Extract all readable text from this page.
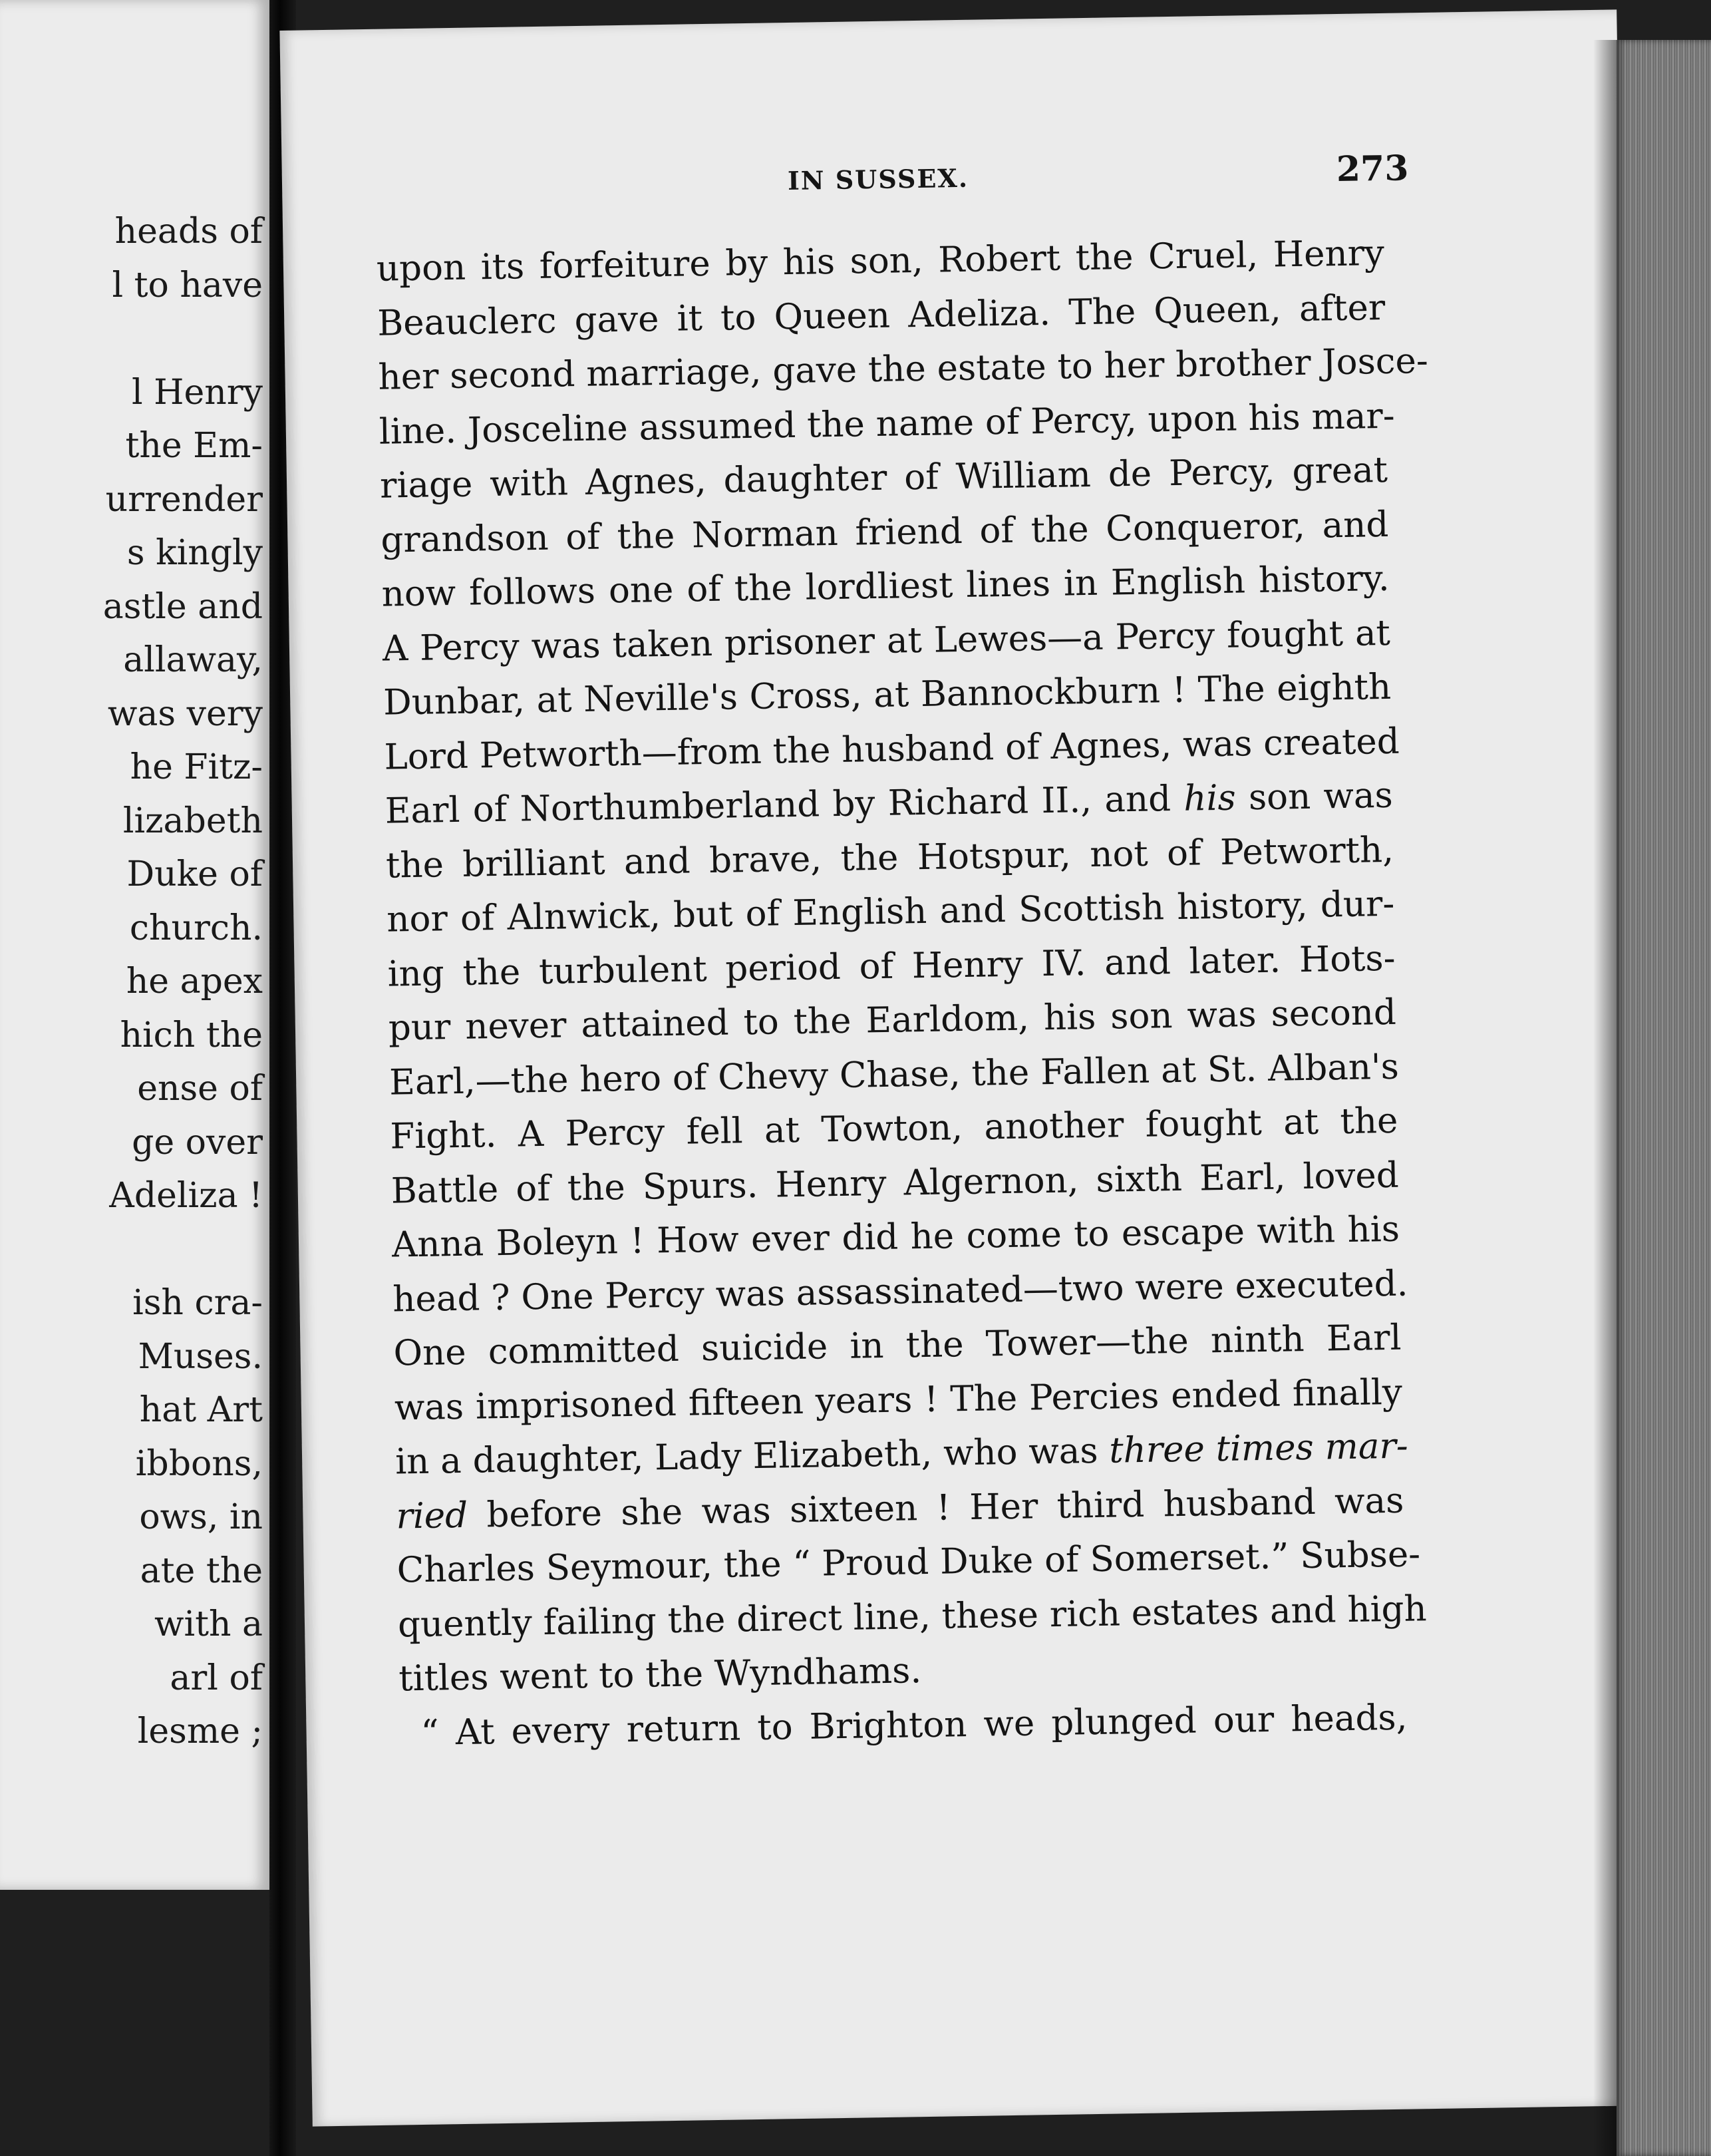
heads of
l to have
l Henry
the Em-
urrender
s kingly
astle and
allaway,
was very
he Fitz-
lizabeth
Duke of
church.
he apex
hich the
ense of
ge over
Adeliza !
ish cra-
Muses.
hat Art
ibbons,
ows, in
ate the
with a
arl of
lesme ;
IN SUSSEX.	273
upon its forfeiture by his son, Robert the Cruel, Henry
Beauclerc gave it to Queen Adeliza. The Queen, after
her second marriage, gave the estate to her brother Josce-
line. Josceline assumed the name of Percy, upon his mar-
riage with Agnes, daughter of William de Percy, great
grandson of the Norman friend of the Conqueror, and
now follows one of the lordliest lines in English history.
A Percy was taken prisoner at Lewes—a Percy fought at
Dunbar, at Neville's Cross, at Bannockburn ! The eighth
Lord Petworth—from the husband of Agnes, was created
Earl of Northumberland by Richard II., and his son was
the brilliant and brave, the Hotspur, not of Petworth,
nor of Alnwick, but of English and Scottish history, dur-
ing the turbulent period of Henry IV. and later. Hots-
pur never attained to the Earldom, his son was second
Earl,—the hero of Chevy Chase, the Fallen at St. Alban's
Fight. A Percy fell at Towton, another fought at the
Battle of the Spurs. Henry Algernon, sixth Earl, loved
Anna Boleyn ! How ever did he come to escape with his
head ? One Percy was assassinated—two were executed.
One committed suicide in the Tower—the ninth Earl
was imprisoned fifteen years ! The Percies ended finally
in a daughter, Lady Elizabeth, who was three times mar-
ried before she was sixteen ! Her third husband was
Charles Seymour, the “ Proud Duke of Somerset.” Subse-
quently failing the direct line, these rich estates and high
titles went to the Wyndhams.
“ At every return to Brighton we plunged our heads,
